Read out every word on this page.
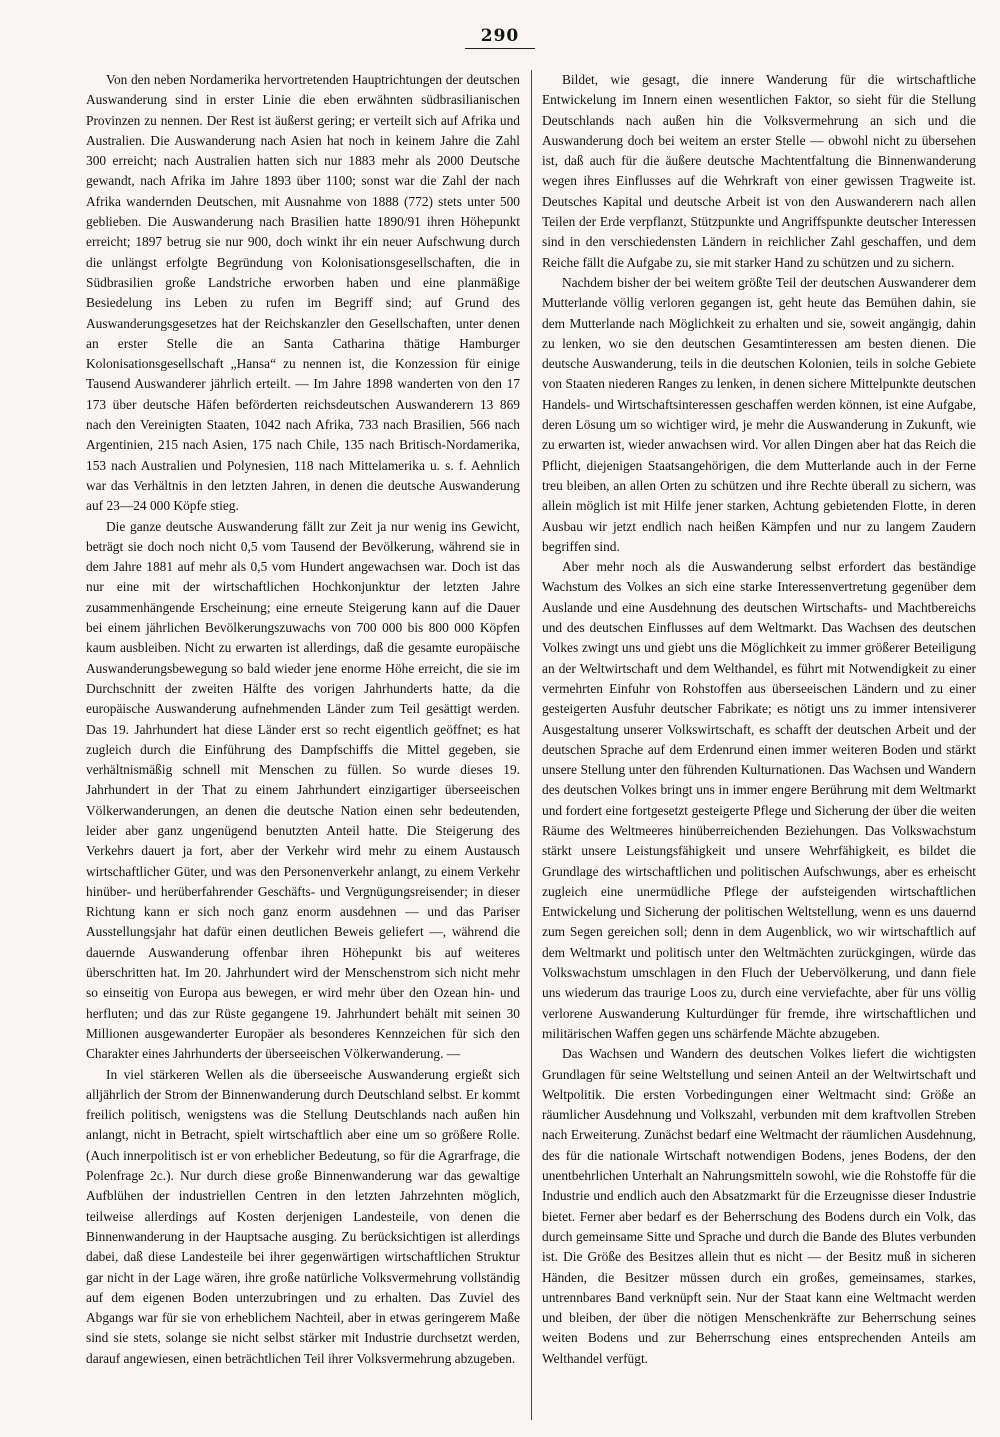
290

Von den neben Nordamerika hervortretenden Hauptrichtungen der deutschen Auswanderung sind in erster Linie die eben erwähnten südbrasilianischen Provinzen zu nennen. Der Rest ist äußerst gering; er verteilt sich auf Afrika und Australien. Die Auswanderung nach Asien hat noch in keinem Jahre die Zahl 300 erreicht; nach Australien hatten sich nur 1883 mehr als 2000 Deutsche gewandt, nach Afrika im Jahre 1893 über 1100; sonst war die Zahl der nach Afrika wandernden Deutschen, mit Ausnahme von 1888 (772) stets unter 500 geblieben. Die Auswanderung nach Brasilien hatte 1890/91 ihren Höhepunkt erreicht; 1897 betrug sie nur 900, doch winkt ihr ein neuer Aufschwung durch die unlängst erfolgte Begründung von Kolonisationsgesellschaften, die in Südbrasilien große Landstriche erworben haben und eine planmäßige Besiedelung ins Leben zu rufen im Begriff sind; auf Grund des Auswanderungsgesetzes hat der Reichskanzler den Gesellschaften, unter denen an erster Stelle die an Santa Catharina thätige Hamburger Kolonisationsgesellschaft „Hansa“ zu nennen ist, die Konzession für einige Tausend Auswanderer jährlich erteilt. — Im Jahre 1898 wanderten von den 17 173 über deutsche Häfen beförderten reichsdeutschen Auswanderern 13 869 nach den Vereinigten Staaten, 1042 nach Afrika, 733 nach Brasilien, 566 nach Argentinien, 215 nach Asien, 175 nach Chile, 135 nach Britisch-Nordamerika, 153 nach Australien und Polynesien, 118 nach Mittelamerika u. s. f. Aehnlich war das Verhältnis in den letzten Jahren, in denen die deutsche Auswanderung auf 23—24 000 Köpfe stieg.

Die ganze deutsche Auswanderung fällt zur Zeit ja nur wenig ins Gewicht, beträgt sie doch noch nicht 0,5 vom Tausend der Bevölkerung, während sie in dem Jahre 1881 auf mehr als 0,5 vom Hundert angewachsen war. Doch ist das nur eine mit der wirtschaftlichen Hochkonjunktur der letzten Jahre zusammenhängende Erscheinung; eine erneute Steigerung kann auf die Dauer bei einem jährlichen Bevölkerungszuwachs von 700 000 bis 800 000 Köpfen kaum ausbleiben. Nicht zu erwarten ist allerdings, daß die gesamte europäische Auswanderungsbewegung so bald wieder jene enorme Höhe erreicht, die sie im Durchschnitt der zweiten Hälfte des vorigen Jahrhunderts hatte, da die europäische Auswanderung aufnehmenden Länder zum Teil gesättigt werden. Das 19. Jahrhundert hat diese Länder erst so recht eigentlich geöffnet; es hat zugleich durch die Einführung des Dampfschiffs die Mittel gegeben, sie verhältnismäßig schnell mit Menschen zu füllen. So wurde dieses 19. Jahrhundert in der That zu einem Jahrhundert einzigartiger überseeischen Völkerwanderungen, an denen die deutsche Nation einen sehr bedeutenden, leider aber ganz ungenügend benutzten Anteil hatte. Die Steigerung des Verkehrs dauert ja fort, aber der Verkehr wird mehr zu einem Austausch wirtschaftlicher Güter, und was den Personenverkehr anlangt, zu einem Verkehr hinüber- und herüberfahrender Geschäfts- und Vergnügungsreisender; in dieser Richtung kann er sich noch ganz enorm ausdehnen — und das Pariser Ausstellungsjahr hat dafür einen deutlichen Beweis geliefert —, während die dauernde Auswanderung offenbar ihren Höhepunkt bis auf weiteres überschritten hat. Im 20. Jahrhundert wird der Menschenstrom sich nicht mehr so einseitig von Europa aus bewegen, er wird mehr über den Ozean hin- und herfluten; und das zur Rüste gegangene 19. Jahrhundert behält mit seinen 30 Millionen ausgewanderter Europäer als besonderes Kennzeichen für sich den Charakter eines Jahrhunderts der überseeischen Völkerwanderung. —

In viel stärkeren Wellen als die überseeische Auswanderung ergießt sich alljährlich der Strom der Binnenwanderung durch Deutschland selbst. Er kommt freilich politisch, wenigstens was die Stellung Deutschlands nach außen hin anlangt, nicht in Betracht, spielt wirtschaftlich aber eine um so größere Rolle. (Auch innerpolitisch ist er von erheblicher Bedeutung, so für die Agrarfrage, die Polenfrage 2c.). Nur durch diese große Binnenwanderung war das gewaltige Aufblühen der industriellen Centren in den letzten Jahrzehnten möglich, teilweise allerdings auf Kosten derjenigen Landesteile, von denen die Binnenwanderung in der Hauptsache ausging. Zu berücksichtigen ist allerdings dabei, daß diese Landesteile bei ihrer gegenwärtigen wirtschaftlichen Struktur gar nicht in der Lage wären, ihre große natürliche Volksvermehrung vollständig auf dem eigenen Boden unterzubringen und zu erhalten. Das Zuviel des Abgangs war für sie von erheblichem Nachteil, aber in etwas geringerem Maße sind sie stets, solange sie nicht selbst stärker mit Industrie durchsetzt werden, darauf angewiesen, einen beträchtlichen Teil ihrer Volksvermehrung abzugeben.

Bildet, wie gesagt, die innere Wanderung für die wirtschaftliche Entwickelung im Innern einen wesentlichen Faktor, so sieht für die Stellung Deutschlands nach außen hin die Volksvermehrung an sich und die Auswanderung doch bei weitem an erster Stelle — obwohl nicht zu übersehen ist, daß auch für die äußere deutsche Machtentfaltung die Binnenwanderung wegen ihres Einflusses auf die Wehrkraft von einer gewissen Tragweite ist. Deutsches Kapital und deutsche Arbeit ist von den Auswanderern nach allen Teilen der Erde verpflanzt, Stützpunkte und Angriffspunkte deutscher Interessen sind in den verschiedensten Ländern in reichlicher Zahl geschaffen, und dem Reiche fällt die Aufgabe zu, sie mit starker Hand zu schützen und zu sichern.

Nachdem bisher der bei weitem größte Teil der deutschen Auswanderer dem Mutterlande völlig verloren gegangen ist, geht heute das Bemühen dahin, sie dem Mutterlande nach Möglichkeit zu erhalten und sie, soweit angängig, dahin zu lenken, wo sie den deutschen Gesamtinteressen am besten dienen. Die deutsche Auswanderung, teils in die deutschen Kolonien, teils in solche Gebiete von Staaten niederen Ranges zu lenken, in denen sichere Mittelpunkte deutschen Handels- und Wirtschaftsinteressen geschaffen werden können, ist eine Aufgabe, deren Lösung um so wichtiger wird, je mehr die Auswanderung in Zukunft, wie zu erwarten ist, wieder anwachsen wird. Vor allen Dingen aber hat das Reich die Pflicht, diejenigen Staatsangehörigen, die dem Mutterlande auch in der Ferne treu bleiben, an allen Orten zu schützen und ihre Rechte überall zu sichern, was allein möglich ist mit Hilfe jener starken, Achtung gebietenden Flotte, in deren Ausbau wir jetzt endlich nach heißen Kämpfen und nur zu langem Zaudern begriffen sind.

Aber mehr noch als die Auswanderung selbst erfordert das beständige Wachstum des Volkes an sich eine starke Interessenvertretung gegenüber dem Auslande und eine Ausdehnung des deutschen Wirtschafts- und Machtbereichs und des deutschen Einflusses auf dem Weltmarkt. Das Wachsen des deutschen Volkes zwingt uns und giebt uns die Möglichkeit zu immer größerer Beteiligung an der Weltwirtschaft und dem Welthandel, es führt mit Notwendigkeit zu einer vermehrten Einfuhr von Rohstoffen aus überseeischen Ländern und zu einer gesteigerten Ausfuhr deutscher Fabrikate; es nötigt uns zu immer intensiverer Ausgestaltung unserer Volkswirtschaft, es schafft der deutschen Arbeit und der deutschen Sprache auf dem Erdenrund einen immer weiteren Boden und stärkt unsere Stellung unter den führenden Kulturnationen. Das Wachsen und Wandern des deutschen Volkes bringt uns in immer engere Berührung mit dem Weltmarkt und fordert eine fortgesetzt gesteigerte Pflege und Sicherung der über die weiten Räume des Weltmeeres hinüberreichenden Beziehungen. Das Volkswachstum stärkt unsere Leistungsfähigkeit und unsere Wehrfähigkeit, es bildet die Grundlage des wirtschaftlichen und politischen Aufschwungs, aber es erheischt zugleich eine unermüdliche Pflege der aufsteigenden wirtschaftlichen Entwickelung und Sicherung der politischen Weltstellung, wenn es uns dauernd zum Segen gereichen soll; denn in dem Augenblick, wo wir wirtschaftlich auf dem Weltmarkt und politisch unter den Weltmächten zurückgingen, würde das Volkswachstum umschlagen in den Fluch der Uebervölkerung, und dann fiele uns wiederum das traurige Loos zu, durch eine verviefachte, aber für uns völlig verlorene Auswanderung Kulturdünger für fremde, ihre wirtschaftlichen und militärischen Waffen gegen uns schärfende Mächte abzugeben.

Das Wachsen und Wandern des deutschen Volkes liefert die wichtigsten Grundlagen für seine Weltstellung und seinen Anteil an der Weltwirtschaft und Weltpolitik. Die ersten Vorbedingungen einer Weltmacht sind: Größe an räumlicher Ausdehnung und Volkszahl, verbunden mit dem kraftvollen Streben nach Erweiterung. Zunächst bedarf eine Weltmacht der räumlichen Ausdehnung, des für die nationale Wirtschaft notwendigen Bodens, jenes Bodens, der den unentbehrlichen Unterhalt an Nahrungsmitteln sowohl, wie die Rohstoffe für die Industrie und endlich auch den Absatzmarkt für die Erzeugnisse dieser Industrie bietet. Ferner aber bedarf es der Beherrschung des Bodens durch ein Volk, das durch gemeinsame Sitte und Sprache und durch die Bande des Blutes verbunden ist. Die Größe des Besitzes allein thut es nicht — der Besitz muß in sicheren Händen, die Besitzer müssen durch ein großes, gemeinsames, starkes, untrennbares Band verknüpft sein. Nur der Staat kann eine Weltmacht werden und bleiben, der über die nötigen Menschenkräfte zur Beherrschung seines weiten Bodens und zur Beherrschung eines entsprechenden Anteils am Welthandel verfügt.
